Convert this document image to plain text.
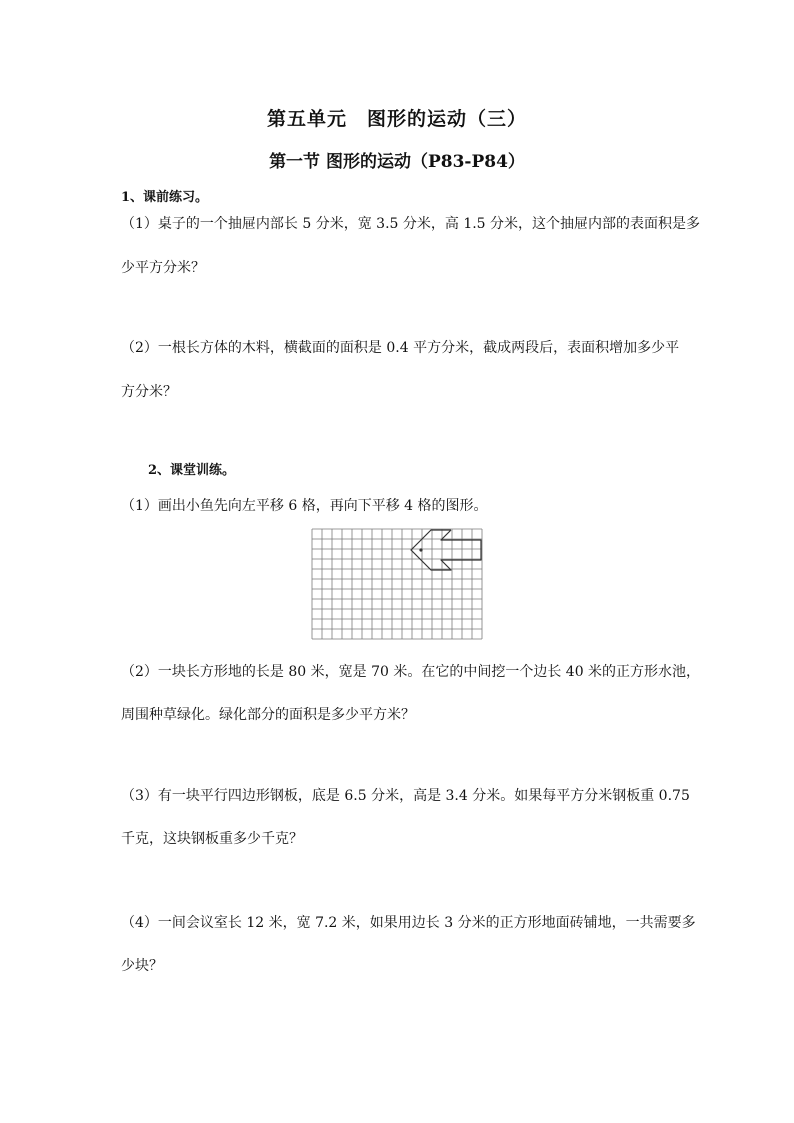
第五单元　图形的运动（三）
第一节 图形的运动（P83-P84）
1、课前练习。
（1）桌子的一个抽屉内部长 5 分米，宽 3.5 分米，高 1.5 分米，这个抽屉内部的表面积是多
少平方分米？
（2）一根长方体的木料，横截面的面积是 0.4 平方分米，截成两段后，表面积增加多少平
方分米？
2、课堂训练。
（1）画出小鱼先向左平移 6 格，再向下平移 4 格的图形。
（2）一块长方形地的长是 80 米，宽是 70 米。在它的中间挖一个边长 40 米的正方形水池，
周围种草绿化。绿化部分的面积是多少平方米？
（3）有一块平行四边形钢板，底是 6.5 分米，高是 3.4 分米。如果每平方分米钢板重 0.75
千克，这块钢板重多少千克？
（4）一间会议室长 12 米，宽 7.2 米，如果用边长 3 分米的正方形地面砖铺地，一共需要多
少块？
